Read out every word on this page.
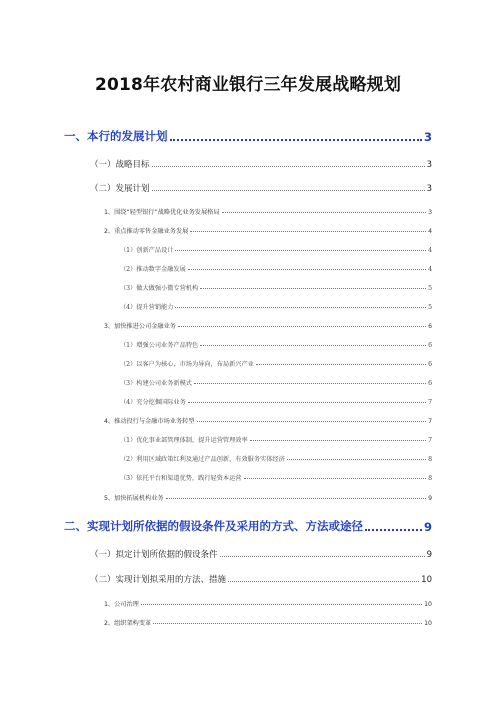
2018年农村商业银行三年发展战略规划
一、本行的发展计划	3
（一）战略目标	3
（二）发展计划	3
1、围绕“轻型银行”战略优化业务发展格局	3
2、重点推动零售金融业务发展	4
（1）创新产品设计	4
（2）推动数字金融发展	4
（3）做大做强小微专营机构	5
（4）提升营销能力	5
3、加快推进公司金融业务	6
（1）增强公司业务产品特色	6
（2）以客户为核心，市场为导向，布局新兴产业	6
（3）构建公司业务新模式	6
（4）充分挖掘国际业务	7
4、推动投行与金融市场业务转型	7
（1）优化事业部管理体制，提升运营管理效率	7
（2）利用区域政策红利及通过产品创新，有效服务实体经济	8
（3）依托平台和渠道优势，践行轻资本运营	8
5、加快拓展机构业务	9
二、实现计划所依据的假设条件及采用的方式、方法或途径	9
（一）拟定计划所依据的假设条件	9
（二）实现计划拟采用的方法、措施	10
1、公司治理	10
2、组织架构变革	10
